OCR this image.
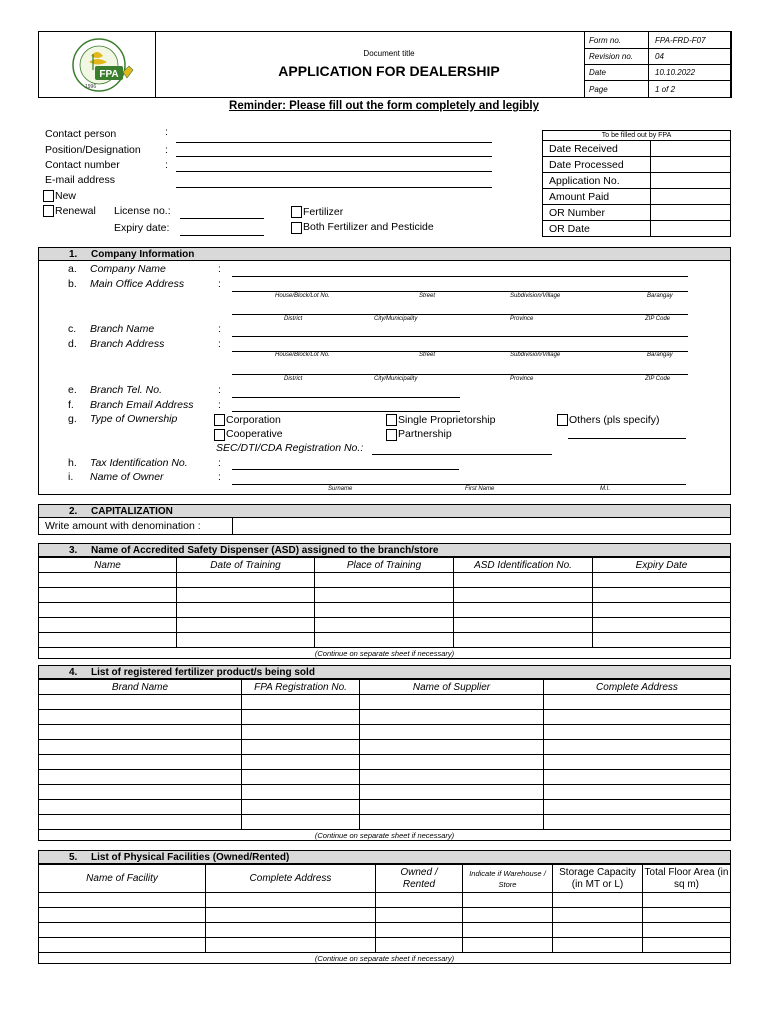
FPA
1996
Document title
APPLICATION FOR DEALERSHIP
Form no.	FPA-FRD-F07
Revision no.	04
Date	10.10.2022
Page	1 of 2
Reminder: Please fill out the form completely and legibly
Contact person	:
Position/Designation :
Contact number	:
E-mail address
New
Renewal License no.:
Expiry date:
Fertilizer
Both Fertilizer and Pesticide
To be filled out by FPA	
Date Received	
Date Processed	
Application No.	
Amount Paid	
OR Number	
OR Date	
1. Company Information
a. Company Name	:
b. Main Office Address	:
House/Block/Lot No.	Street	Subdivision/Village	Barangay
District	City/Municipality	Province	ZIP Code
c. Branch Name	:
d. Branch Address	:
House/Block/Lot No.	Street	Subdivision/Village	Barangay
District	City/Municipality	Province	ZIP Code
e. Branch Tel. No.	:
f. Branch Email Address :
g. Type of Ownership	Corporation	Single Proprietorship	Others (pls specify)
Cooperative	Partnership
SEC/DTI/CDA Registration No.:
h. Tax Identification No.	:
i. Name of Owner	:
Surname	First Name	M.I.
2. CAPITALIZATION
Write amount with denomination :
3. Name of Accredited Safety Dispenser (ASD) assigned to the branch/store
Name	Date of Training	Place of Training	ASD Identification No.	Expiry Date

(Continue on separate sheet if necessary)				
4. List of registered fertilizer product/s being sold
Brand Name	FPA Registration No.	Name of Supplier	Complete Address

(Continue on separate sheet if necessary)			
5. List of Physical Facilities (Owned/Rented)
Name of Facility	Complete Address	Owned / Rented	Indicate if Warehouse / Store	Storage Capacity (in MT or L)	Total Floor Area (in sq m)

(Continue on separate sheet if necessary)					
